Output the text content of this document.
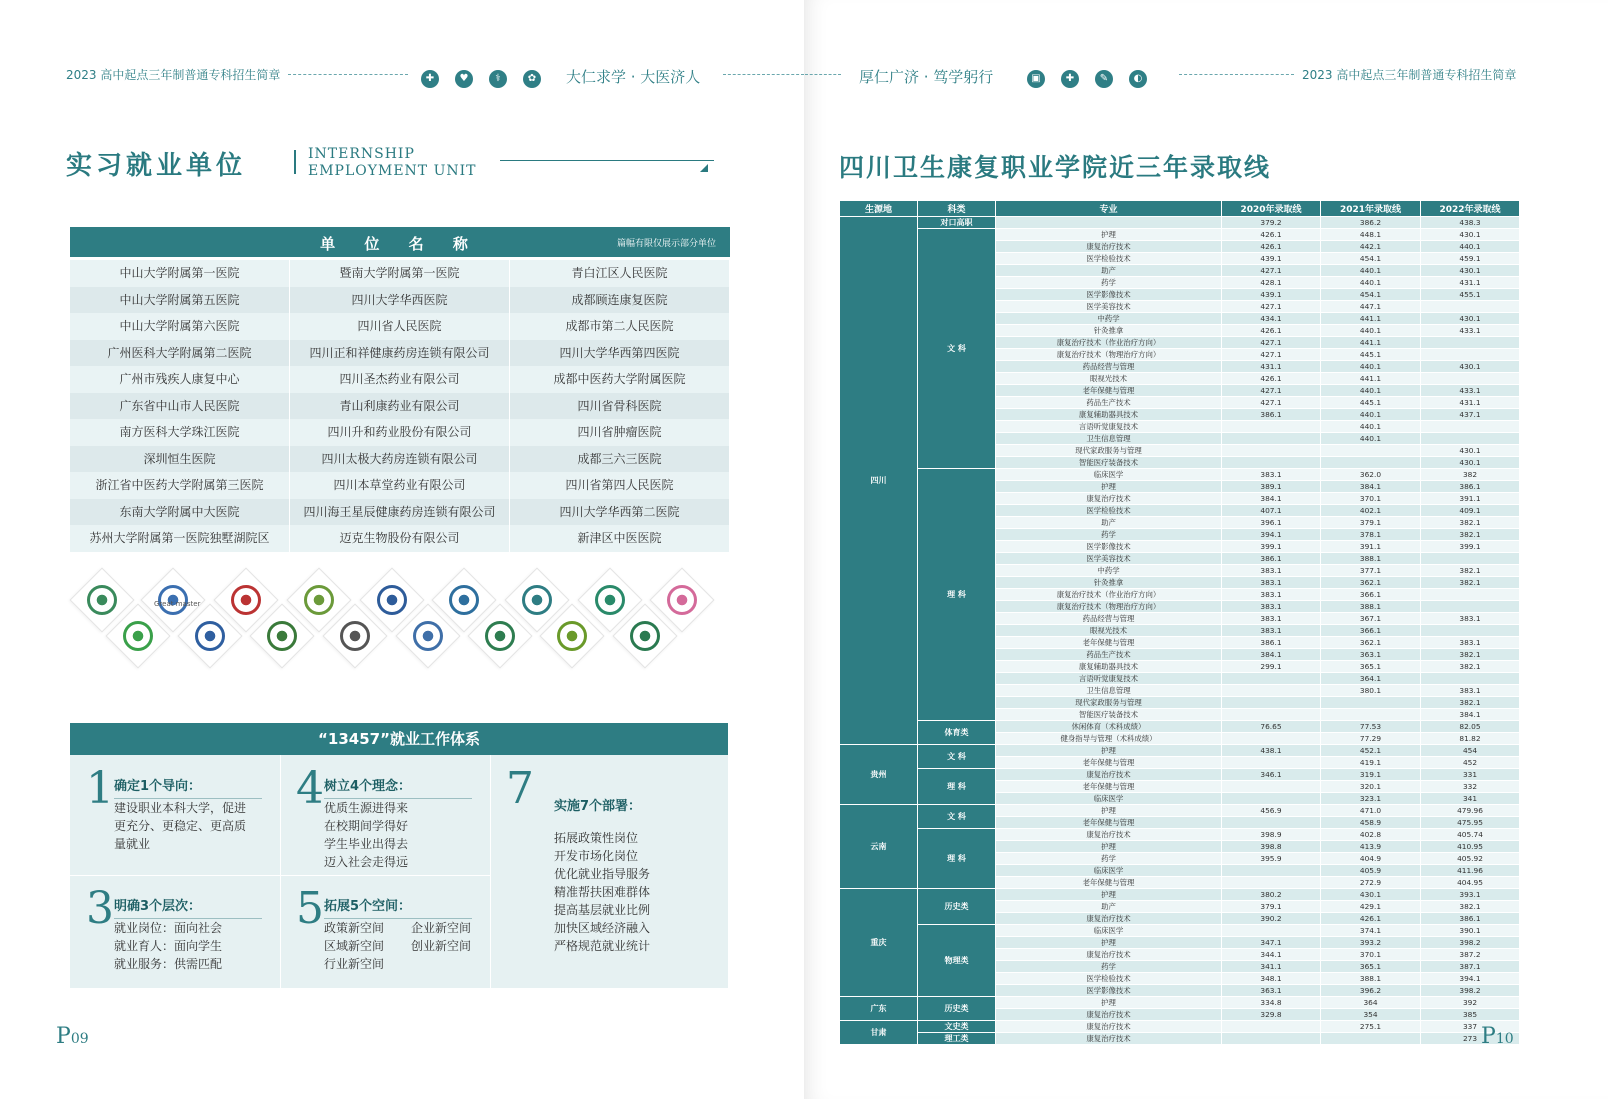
2023 高中起点三年制普通专科招生简章	✚	♥	⚕	✿	大仁求学 · 大医济人
实习就业单位	INTERNSHIP
EMPLOYMENT UNIT
单 位 名 称	篇幅有限仅展示部分单位
中山大学附属第一医院	暨南大学附属第一医院	青白江区人民医院
中山大学附属第五医院	四川大学华西医院	成都顾连康复医院
中山大学附属第六医院	四川省人民医院	成都市第二人民医院
广州医科大学附属第二医院	四川正和祥健康药房连锁有限公司	四川大学华西第四医院
广州市残疾人康复中心	四川圣杰药业有限公司	成都中医药大学附属医院
广东省中山市人民医院	青山利康药业有限公司	四川省骨科医院
南方医科大学珠江医院	四川升和药业股份有限公司	四川省肿瘤医院
深圳恒生医院	四川太极大药房连锁有限公司	成都三六三医院
浙江省中医药大学附属第三医院	四川本草堂药业有限公司	四川省第四人民医院
东南大学附属中大医院	四川海王星辰健康药房连锁有限公司	四川大学华西第二医院
苏州大学附属第一医院独墅湖院区	迈克生物股份有限公司	新津区中医医院
Great master
“13457”就业工作体系
1 确定1个导向：
建设职业本科大学，促进
更充分、更稳定、更高质
量就业
3 明确3个层次：
就业岗位：面向社会
就业育人：面向学生
就业服务：供需匹配
4 树立4个理念：
优质生源进得来
在校期间学得好
学生毕业出得去
迈入社会走得远
5 拓展5个空间：
政策新空间 企业新空间
区域新空间 创业新空间
行业新空间
7 实施7个部署：
拓展政策性岗位
开发市场化岗位
优化就业指导服务
精准帮扶困难群体
提高基层就业比例
加快区域经济融入
严格规范就业统计
P09
▣	✚	✎	◐
厚仁广济 · 笃学躬行	2023 高中起点三年制普通专科招生简章
四川卫生康复职业学院近三年录取线
生源地	科类	专业	2020年录取线	2021年录取线	2022年录取线
四川	对口高职		379.2	386.2	438.3
	文 科	护理	426.1	448.1	430.1
		康复治疗技术	426.1	442.1	440.1
		医学检验技术	439.1	454.1	459.1
		助产	427.1	440.1	430.1
		药学	428.1	440.1	431.1
		医学影像技术	439.1	454.1	455.1
		医学美容技术	427.1	447.1	
		中药学	434.1	441.1	430.1
		针灸推拿	426.1	440.1	433.1
		康复治疗技术（作业治疗方向）	427.1	441.1	
		康复治疗技术（物理治疗方向）	427.1	445.1	
		药品经营与管理	431.1	440.1	430.1
		眼视光技术	426.1	441.1	
		老年保健与管理	427.1	440.1	433.1
		药品生产技术	427.1	445.1	431.1
		康复辅助器具技术	386.1	440.1	437.1
		言语听觉康复技术		440.1	
		卫生信息管理		440.1	
		现代家政服务与管理			430.1
		智能医疗装备技术			430.1
	理 科	临床医学	383.1	362.0	382
		护理	389.1	384.1	386.1
		康复治疗技术	384.1	370.1	391.1
		医学检验技术	407.1	402.1	409.1
		助产	396.1	379.1	382.1
		药学	394.1	378.1	382.1
		医学影像技术	399.1	391.1	399.1
		医学美容技术	386.1	388.1	
		中药学	383.1	377.1	382.1
		针灸推拿	383.1	362.1	382.1
		康复治疗技术（作业治疗方向）	383.1	366.1	
		康复治疗技术（物理治疗方向）	383.1	388.1	
		药品经营与管理	383.1	367.1	383.1
		眼视光技术	383.1	366.1	
		老年保健与管理	386.1	362.1	383.1
		药品生产技术	384.1	363.1	382.1
		康复辅助器具技术	299.1	365.1	382.1
		言语听觉康复技术		364.1	
		卫生信息管理		380.1	383.1
		现代家政服务与管理			382.1
		智能医疗装备技术			384.1
	体育类	休闲体育（术科成绩）	76.65	77.53	82.05
		健身指导与管理（术科成绩）		77.29	81.82
贵州	文 科	护理	438.1	452.1	454
		老年保健与管理		419.1	452
	理 科	康复治疗技术	346.1	319.1	331
		老年保健与管理		320.1	332
		临床医学		323.1	341
云南	文 科	护理	456.9	471.0	479.96
		老年保健与管理		458.9	475.95
	理 科	康复治疗技术	398.9	402.8	405.74
		护理	398.8	413.9	410.95
		药学	395.9	404.9	405.92
		临床医学		405.9	411.96
		老年保健与管理		272.9	404.95
重庆	历史类	护理	380.2	430.1	393.1
		助产	379.1	429.1	382.1
		康复治疗技术	390.2	426.1	386.1
	物理类	临床医学		374.1	390.1
		护理	347.1	393.2	398.2
		康复治疗技术	344.1	370.1	387.2
		药学	341.1	365.1	387.1
		医学检验技术	348.1	388.1	394.1
		医学影像技术	363.1	396.2	398.2
广东	历史类	护理	334.8	364	392
		康复治疗技术	329.8	354	385
甘肃	文史类	康复治疗技术		275.1	337
	理工类	康复治疗技术			273 P10
